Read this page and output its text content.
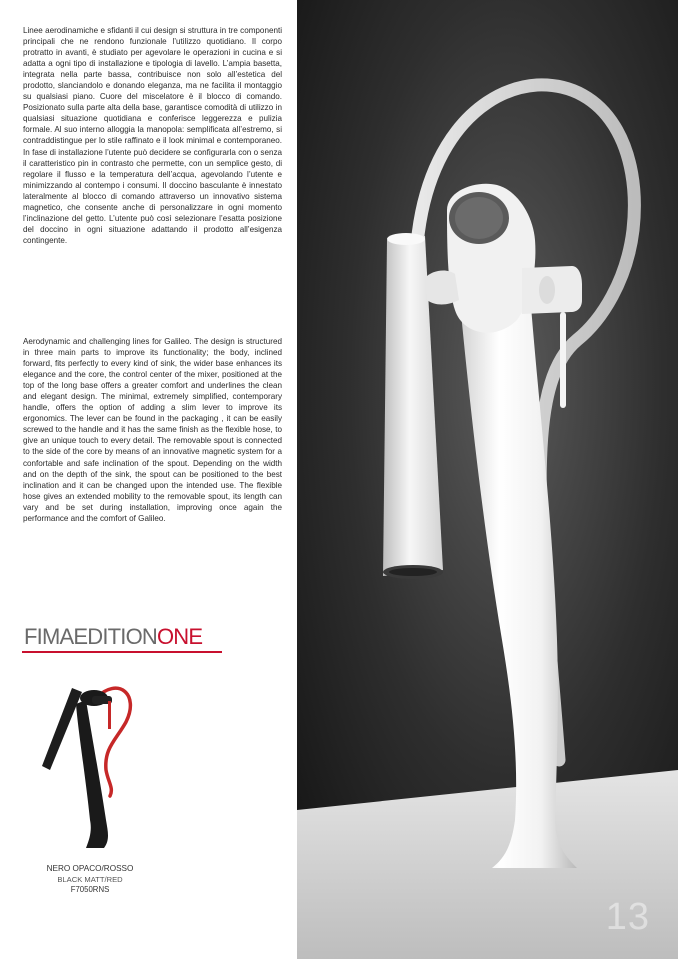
Linee aerodinamiche e sfidanti il cui design si struttura in tre componenti principali che ne rendono funzionale l’utilizzo quotidiano. Il corpo protratto in avanti, è studiato per agevolare le operazioni in cucina e si adatta a ogni tipo di installazione e tipologia di lavello. L’ampia basetta, integrata nella parte bassa, contribuisce non solo all’estetica del prodotto, slanciandolo e donando eleganza, ma ne facilita il montaggio su qualsiasi piano. Cuore del miscelatore è il blocco di comando. Posizionato sulla parte alta della base, garantisce comodità di utilizzo in qualsiasi situazione quotidiana e conferisce leggerezza e pulizia formale. Al suo interno alloggia la manopola: semplificata all’estremo, si contraddistingue per lo stile raffinato e il look minimal e contemporaneo. In fase di installazione l’utente può decidere se configurarla con o senza il caratteristico pin in contrasto che permette, con un semplice gesto, di regolare il flusso e la temperatura dell’acqua, agevolando l’utente e minimizzando al contempo i consumi. Il doccino basculante è innestato lateralmente al blocco di comando attraverso un innovativo sistema magnetico, che consente anche di personalizzare in ogni momento l’inclinazione del getto. L’utente può così selezionare l’esatta posizione del doccino in ogni situazione adattando il prodotto all’esigenza contingente.

Aerodynamic and challenging lines for Galileo. The design is structured in three main parts to improve its functionality; the body, inclined forward, fits perfectly to every kind of sink, the wider base enhances its elegance and the core, the control center of the mixer, positioned at the top of the long base offers a greater comfort and underlines the clean and elegant design. The minimal, extremely simplified, contemporary handle, offers the option of adding a slim lever to improve its ergonomics. The lever can be found in the packaging , it can be easily screwed to the handle and it has the same finish as the flexible hose, to give an unique touch to every detail. The removable spout is connected to the side of the core by means of an innovative magnetic system for a confortable and safe inclination of the spout. Depending on the width and on the depth of the sink, the spout can be positioned to the best inclination and it can be changed upon the intended use. The flexible hose gives an extended mobility to the removable spout, its length can vary and be set during installation, improving once again the performance and the comfort of Galileo.

FIMAEDITIONONE
NERO OPACO/ROSSO
BLACK MATT/RED
F7050RNS
13
